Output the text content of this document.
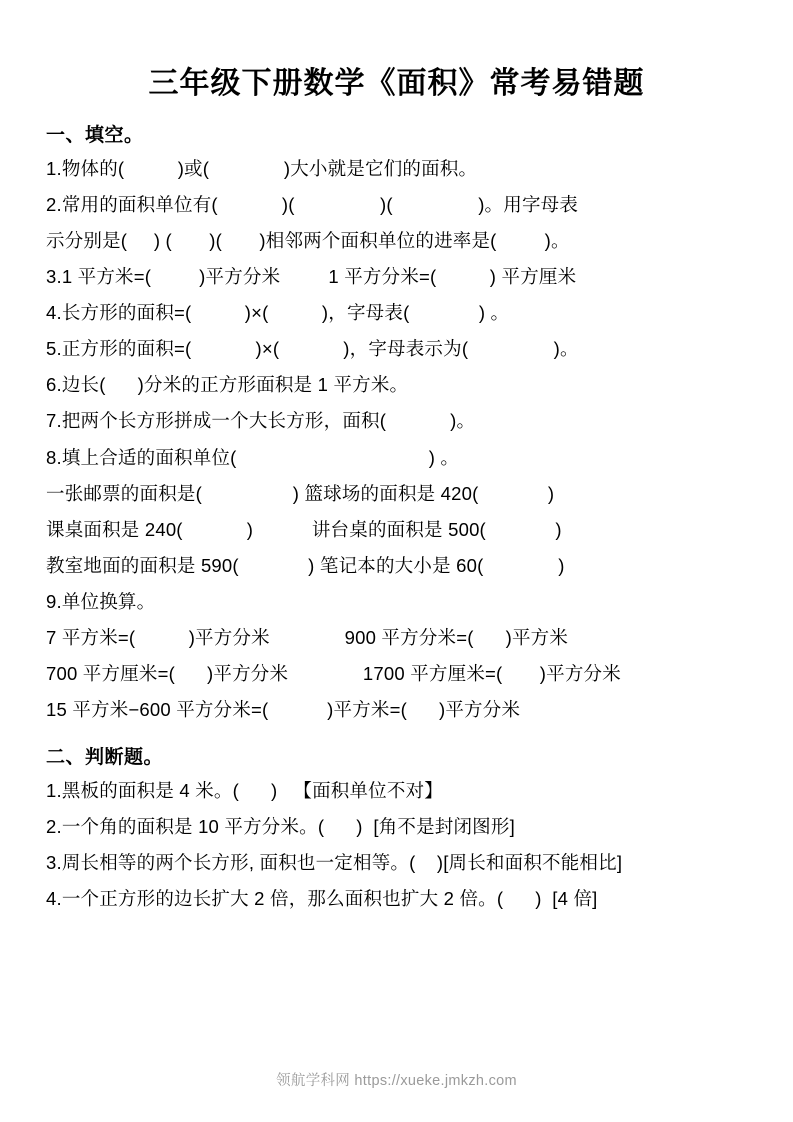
三年级下册数学《面积》常考易错题
一、填空。
1.物体的(          )或(              )大小就是它们的面积。
2.常用的面积单位有(            )(                )(                )。用字母表
示分别是(     ) (       )(       )相邻两个面积单位的进率是(         )。
3.1 平方米=(         )平方分米         1 平方分米=(          ) 平方厘米
4.长方形的面积=(          )×(          )，字母表(             ) 。
5.正方形的面积=(            )×(            )，字母表示为(                )。
6.边长(      )分米的正方形面积是 1 平方米。
7.把两个长方形拼成一个大长方形，面积(            )。
8.填上合适的面积单位(                                    ) 。
一张邮票的面积是(                 ) 篮球场的面积是 420(             )
课桌面积是 240(            )           讲台桌的面积是 500(             )
教室地面的面积是 590(             ) 笔记本的大小是 60(              )
9.单位换算。
7 平方米=(          )平方分米              900 平方分米=(      )平方米
700 平方厘米=(      )平方分米              1700 平方厘米=(       )平方分米
15 平方米−600 平方分米=(           )平方米=(      )平方分米
二、判断题。
1.黑板的面积是 4 米。(      )   【面积单位不对】
2.一个角的面积是 10 平方分米。(      )  [角不是封闭图形]
3.周长相等的两个长方形, 面积也一定相等。(    )[周长和面积不能相比]
4.一个正方形的边长扩大 2 倍，那么面积也扩大 2 倍。(      )  [4 倍]
领航学科网 https://xueke.jmkzh.com
